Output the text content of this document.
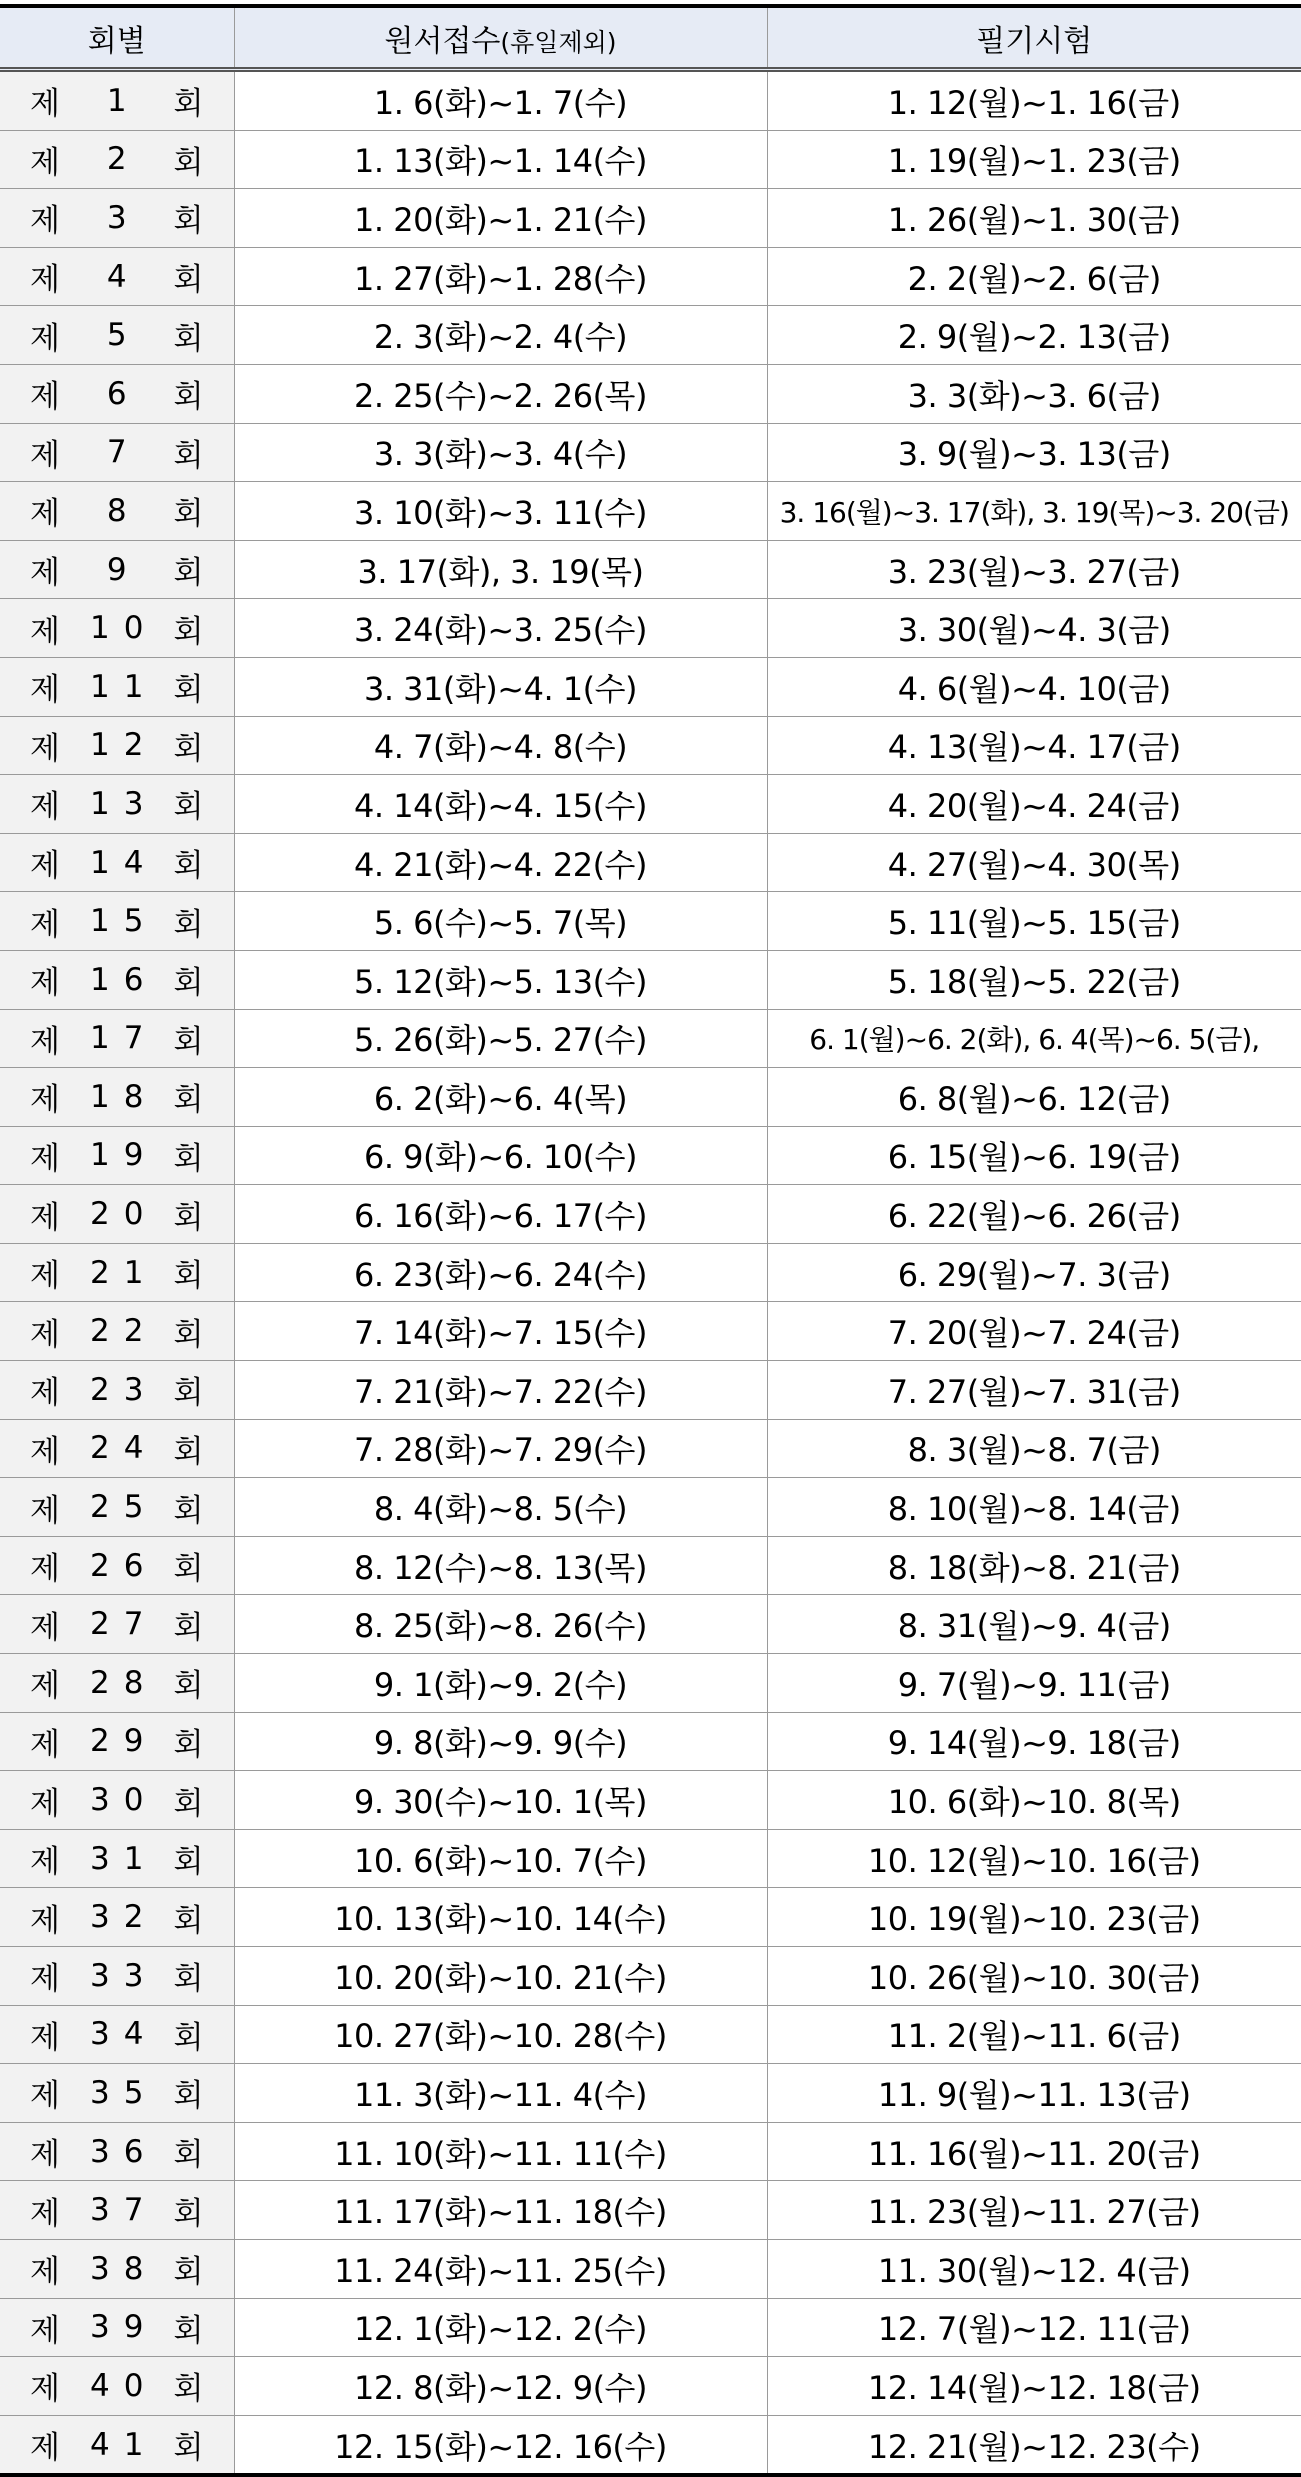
회별	원서접수(휴일제외)	필기시험

제 1 회	1. 6(화)~1. 7(수)	1. 12(월)~1. 16(금)

제 2 회	1. 13(화)~1. 14(수)	1. 19(월)~1. 23(금)

제 3 회	1. 20(화)~1. 21(수)	1. 26(월)~1. 30(금)

제 4 회	1. 27(화)~1. 28(수)	2. 2(월)~2. 6(금)

제 5 회	2. 3(화)~2. 4(수)	2. 9(월)~2. 13(금)

제 6 회	2. 25(수)~2. 26(목)	3. 3(화)~3. 6(금)

제 7 회	3. 3(화)~3. 4(수)	3. 9(월)~3. 13(금)

제 8 회	3. 10(화)~3. 11(수)	3. 16(월)~3. 17(화), 3. 19(목)~3. 20(금)

제 9 회	3. 17(화), 3. 19(목)	3. 23(월)~3. 27(금)

제 10 회	3. 24(화)~3. 25(수)	3. 30(월)~4. 3(금)

제 11 회	3. 31(화)~4. 1(수)	4. 6(월)~4. 10(금)

제 12 회	4. 7(화)~4. 8(수)	4. 13(월)~4. 17(금)

제 13 회	4. 14(화)~4. 15(수)	4. 20(월)~4. 24(금)

제 14 회	4. 21(화)~4. 22(수)	4. 27(월)~4. 30(목)

제 15 회	5. 6(수)~5. 7(목)	5. 11(월)~5. 15(금)

제 16 회	5. 12(화)~5. 13(수)	5. 18(월)~5. 22(금)

제 17 회	5. 26(화)~5. 27(수)	6. 1(월)~6. 2(화), 6. 4(목)~6. 5(금),

제 18 회	6. 2(화)~6. 4(목)	6. 8(월)~6. 12(금)

제 19 회	6. 9(화)~6. 10(수)	6. 15(월)~6. 19(금)

제 20 회	6. 16(화)~6. 17(수)	6. 22(월)~6. 26(금)

제 21 회	6. 23(화)~6. 24(수)	6. 29(월)~7. 3(금)

제 22 회	7. 14(화)~7. 15(수)	7. 20(월)~7. 24(금)

제 23 회	7. 21(화)~7. 22(수)	7. 27(월)~7. 31(금)

제 24 회	7. 28(화)~7. 29(수)	8. 3(월)~8. 7(금)

제 25 회	8. 4(화)~8. 5(수)	8. 10(월)~8. 14(금)

제 26 회	8. 12(수)~8. 13(목)	8. 18(화)~8. 21(금)

제 27 회	8. 25(화)~8. 26(수)	8. 31(월)~9. 4(금)

제 28 회	9. 1(화)~9. 2(수)	9. 7(월)~9. 11(금)

제 29 회	9. 8(화)~9. 9(수)	9. 14(월)~9. 18(금)

제 30 회	9. 30(수)~10. 1(목)	10. 6(화)~10. 8(목)

제 31 회	10. 6(화)~10. 7(수)	10. 12(월)~10. 16(금)

제 32 회	10. 13(화)~10. 14(수)	10. 19(월)~10. 23(금)

제 33 회	10. 20(화)~10. 21(수)	10. 26(월)~10. 30(금)

제 34 회	10. 27(화)~10. 28(수)	11. 2(월)~11. 6(금)

제 35 회	11. 3(화)~11. 4(수)	11. 9(월)~11. 13(금)

제 36 회	11. 10(화)~11. 11(수)	11. 16(월)~11. 20(금)

제 37 회	11. 17(화)~11. 18(수)	11. 23(월)~11. 27(금)

제 38 회	11. 24(화)~11. 25(수)	11. 30(월)~12. 4(금)

제 39 회	12. 1(화)~12. 2(수)	12. 7(월)~12. 11(금)

제 40 회	12. 8(화)~12. 9(수)	12. 14(월)~12. 18(금)

제 41 회	12. 15(화)~12. 16(수)	12. 21(월)~12. 23(수)
